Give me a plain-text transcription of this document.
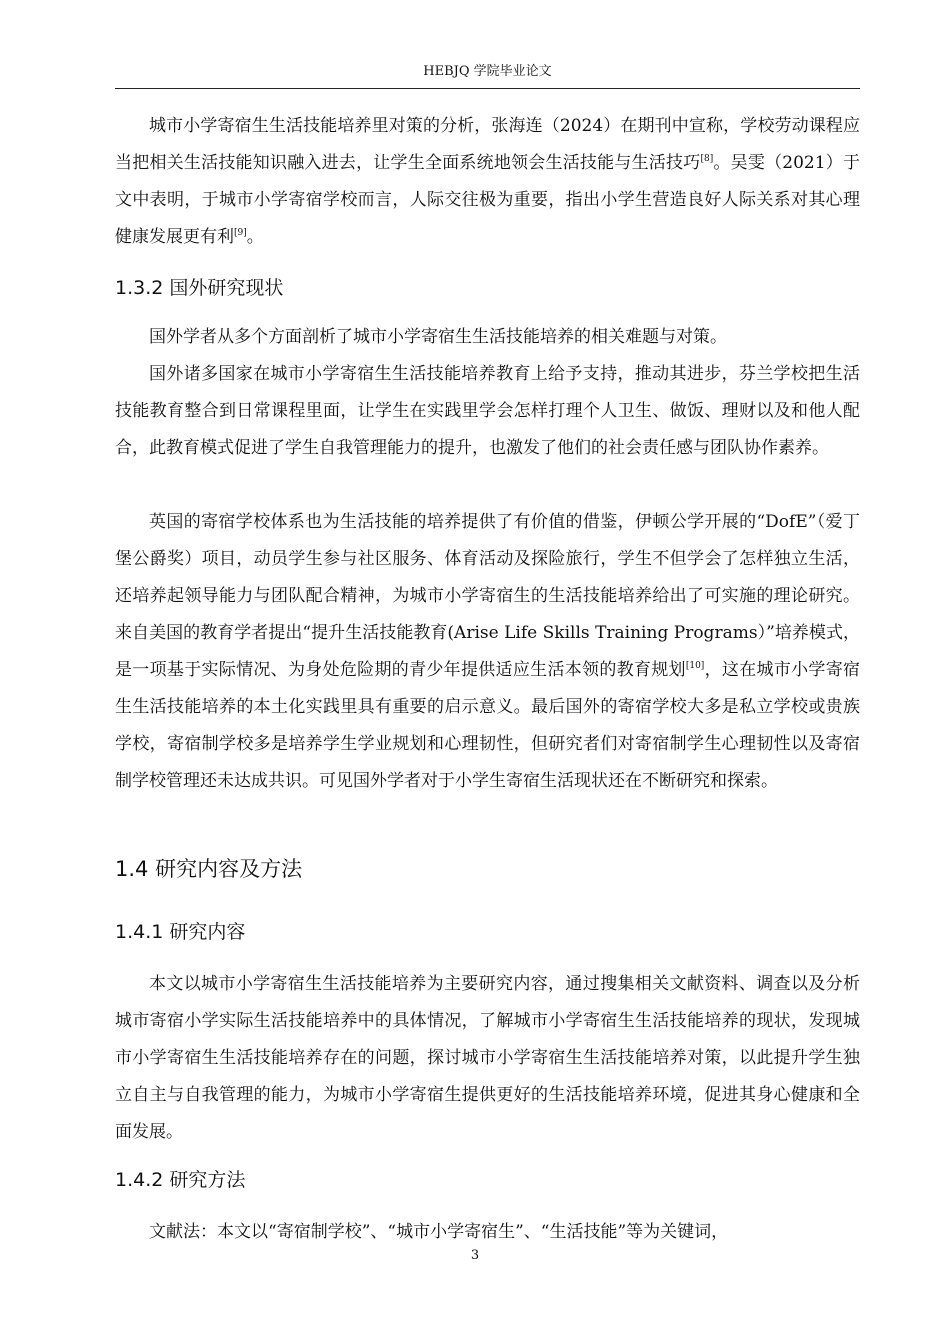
HEBJQ 学院毕业论文

城市小学寄宿生生活技能培养里对策的分析，张海连（2024）在期刊中宣称，学校劳动课程应当把相关生活技能知识融入进去，让学生全面系统地领会生活技能与生活技巧[8]。吴雯（2021）于文中表明，于城市小学寄宿学校而言，人际交往极为重要，指出小学生营造良好人际关系对其心理健康发展更有利[9]。

1.3.2 国外研究现状

国外学者从多个方面剖析了城市小学寄宿生生活技能培养的相关难题与对策。

国外诸多国家在城市小学寄宿生生活技能培养教育上给予支持，推动其进步，芬兰学校把生活技能教育整合到日常课程里面，让学生在实践里学会怎样打理个人卫生、做饭、理财以及和他人配合，此教育模式促进了学生自我管理能力的提升，也激发了他们的社会责任感与团队协作素养。

英国的寄宿学校体系也为生活技能的培养提供了有价值的借鉴，伊顿公学开展的“DofE”（爱丁堡公爵奖）项目，动员学生参与社区服务、体育活动及探险旅行，学生不但学会了怎样独立生活，还培养起领导能力与团队配合精神，为城市小学寄宿生的生活技能培养给出了可实施的理论研究。来自美国的教育学者提出“提升生活技能教育(Arise Life Skills Training Programs）”培养模式，是一项基于实际情况、为身处危险期的青少年提供适应生活本领的教育规划[10]，这在城市小学寄宿生生活技能培养的本土化实践里具有重要的启示意义。最后国外的寄宿学校大多是私立学校或贵族学校，寄宿制学校多是培养学生学业规划和心理韧性，但研究者们对寄宿制学生心理韧性以及寄宿制学校管理还未达成共识。可见国外学者对于小学生寄宿生活现状还在不断研究和探索。

1.4 研究内容及方法
1.4.1 研究内容

本文以城市小学寄宿生生活技能培养为主要研究内容，通过搜集相关文献资料、调查以及分析城市寄宿小学实际生活技能培养中的具体情况，了解城市小学寄宿生生活技能培养的现状，发现城市小学寄宿生生活技能培养存在的问题，探讨城市小学寄宿生生活技能培养对策，以此提升学生独立自主与自我管理的能力，为城市小学寄宿生提供更好的生活技能培养环境，促进其身心健康和全面发展。

1.4.2 研究方法

文献法：本文以“寄宿制学校”、“城市小学寄宿生”、“生活技能”等为关键词，

3
